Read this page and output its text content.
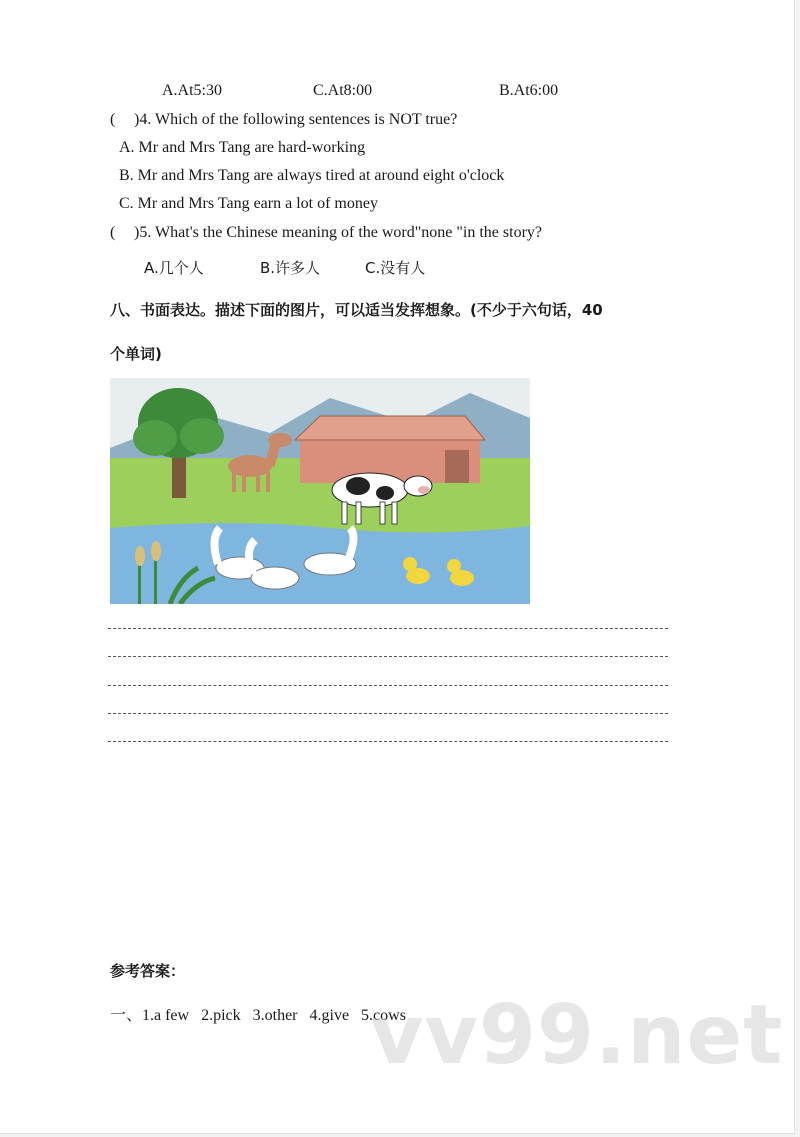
A.At5:30	C.At8:00	B.At6:00
( )4. Which of the following sentences is NOT true?
A. Mr and Mrs Tang are hard-working
B. Mr and Mrs Tang are always tired at around eight o'clock
C. Mr and Mrs Tang earn a lot of money
( )5. What's the Chinese meaning of the word"none "in the story?
A.几个人	B.许多人	C.没有人
八、书面表达。描述下面的图片，可以适当发挥想象。(不少于六句话，40
个单词)
参考答案：
一、1.a few   2.pick   3.other   4.give   5.cows
vv99.net
